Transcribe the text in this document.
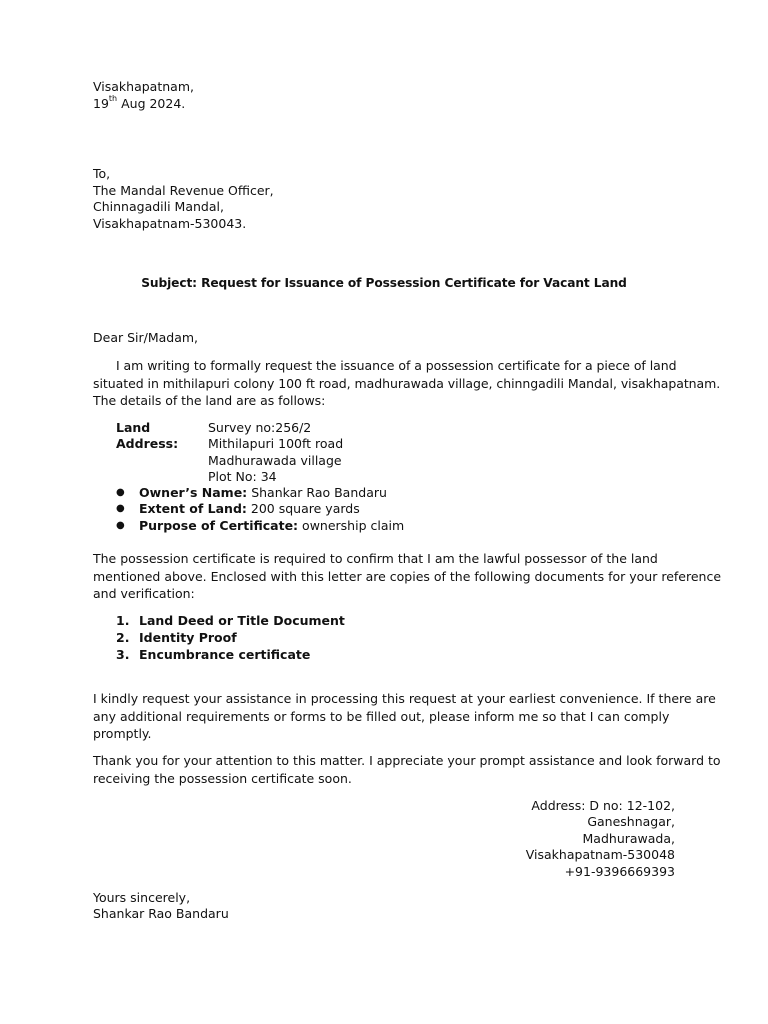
Visakhapatnam,
19th Aug 2024.
To,
The Mandal Revenue Officer,
Chinnagadili Mandal,
Visakhapatnam-530043.
Subject: Request for Issuance of Possession Certificate for Vacant Land
Dear Sir/Madam,
I am writing to formally request the issuance of a possession certificate for a piece of land
situated in mithilapuri colony 100 ft road, madhurawada village, chinngadili Mandal, visakhapatnam.
The details of the land are as follows:
Land Address:
Survey no:256/2
Mithilapuri 100ft road
Madhurawada village
Plot No: 34
●	Owner’s Name: Shankar Rao Bandaru
●	Extent of Land: 200 square yards
●	Purpose of Certificate: ownership claim
The possession certificate is required to confirm that I am the lawful possessor of the land
mentioned above. Enclosed with this letter are copies of the following documents for your reference
and verification:
1. Land Deed or Title Document
2. Identity Proof
3. Encumbrance certificate
I kindly request your assistance in processing this request at your earliest convenience. If there are
any additional requirements or forms to be filled out, please inform me so that I can comply
promptly.
Thank you for your attention to this matter. I appreciate your prompt assistance and look forward to
receiving the possession certificate soon.
Address: D no: 12-102,
Ganeshnagar,
Madhurawada,
Visakhapatnam-530048
+91-9396669393
Yours sincerely,
Shankar Rao Bandaru
